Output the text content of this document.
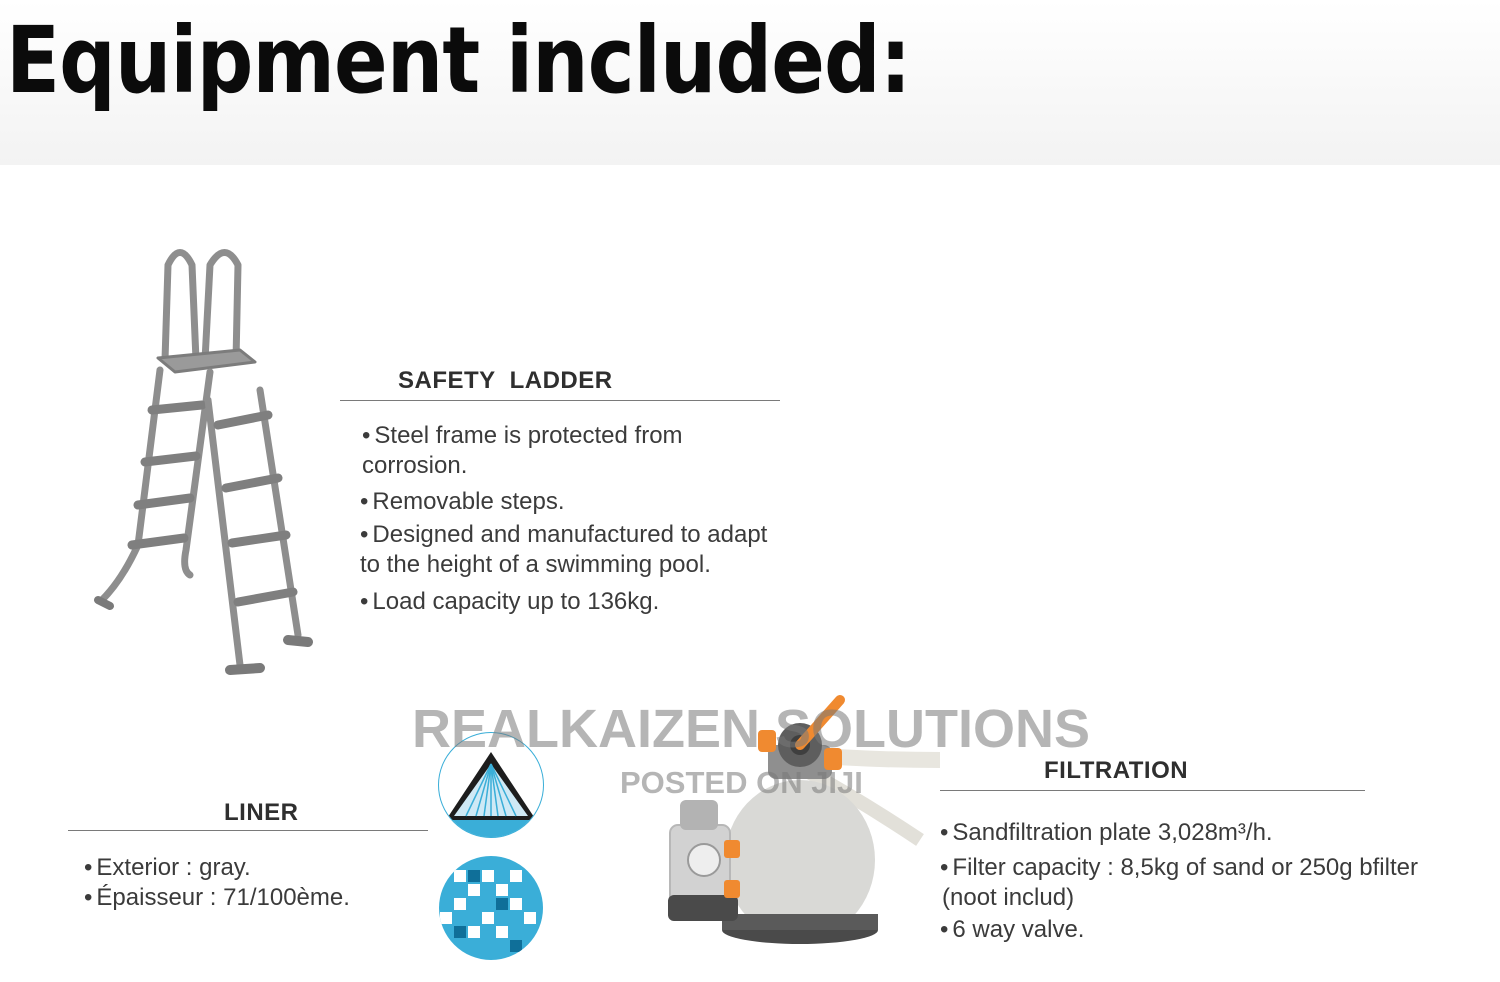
Equipment included:
SAFETY  LADDER
• Steel frame is protected from
corrosion.
• Removable steps.
• Designed and manufactured to adapt
to the height of a swimming pool.
• Load capacity up to 136kg.
LINER
• Exterior : gray.
• Épaisseur : 71/100ème.
FILTRATION
• Sandfiltration plate 3,028m³/h.
• Filter capacity : 8,5kg of sand or 250g bfilter
(noot includ)
• 6 way valve.
REALKAIZEN SOLUTIONS
POSTED ON JIJI
